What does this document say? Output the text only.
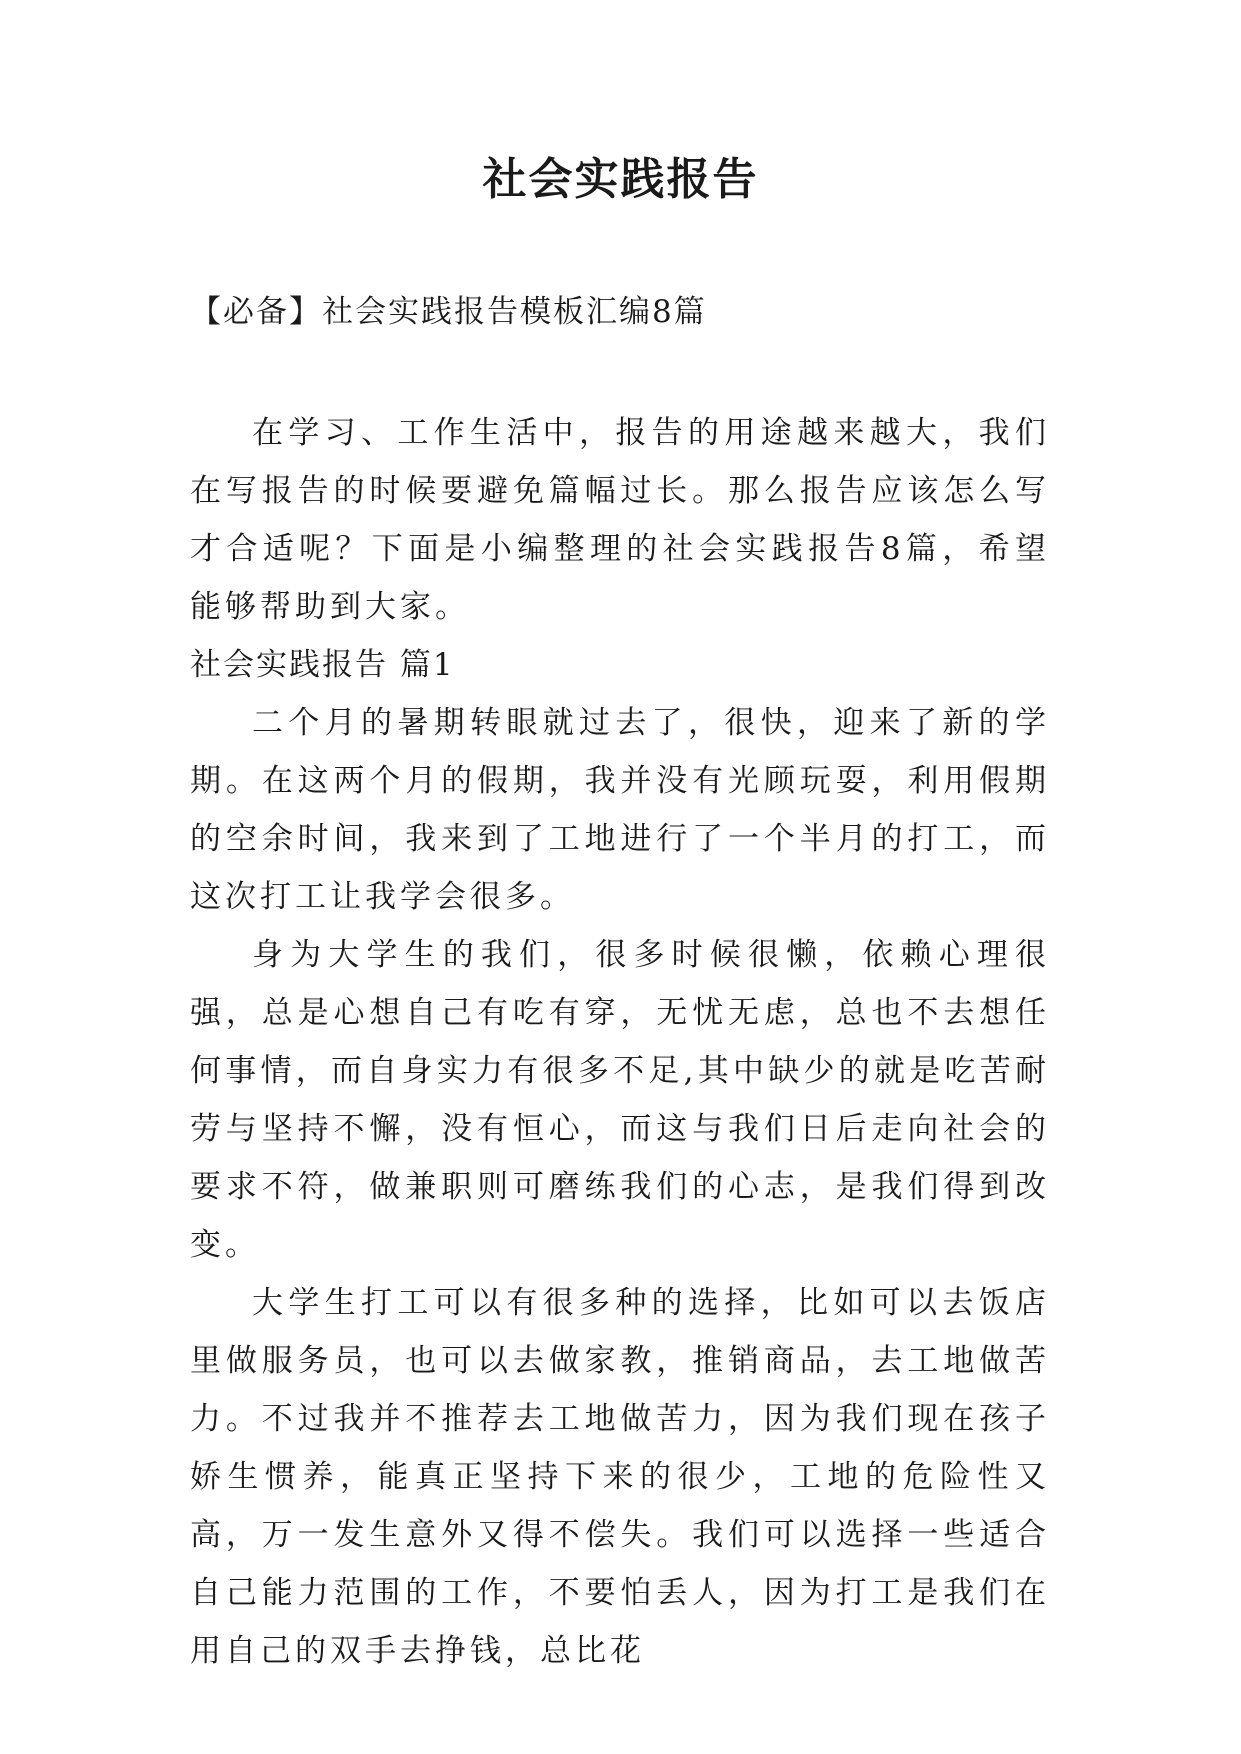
社会实践报告

【必备】社会实践报告模板汇编8篇

在学习、工作生活中，报告的用途越来越大，我们在写报告的时候要避免篇幅过长。那么报告应该怎么写才合适呢？下面是小编整理的社会实践报告8篇，希望能够帮助到大家。

社会实践报告 篇1

二个月的暑期转眼就过去了，很快，迎来了新的学期。在这两个月的假期，我并没有光顾玩耍，利用假期的空余时间，我来到了工地进行了一个半月的打工，而这次打工让我学会很多。

身为大学生的我们，很多时候很懒，依赖心理很强，总是心想自己有吃有穿，无忧无虑，总也不去想任何事情，而自身实力有很多不足,其中缺少的就是吃苦耐劳与坚持不懈，没有恒心，而这与我们日后走向社会的要求不符，做兼职则可磨练我们的心志，是我们得到改变。

大学生打工可以有很多种的选择，比如可以去饭店里做服务员，也可以去做家教，推销商品，去工地做苦力。不过我并不推荐去工地做苦力，因为我们现在孩子娇生惯养，能真正坚持下来的很少，工地的危险性又高，万一发生意外又得不偿失。我们可以选择一些适合自己能力范围的工作，不要怕丢人，因为打工是我们在用自己的双手去挣钱，总比花
